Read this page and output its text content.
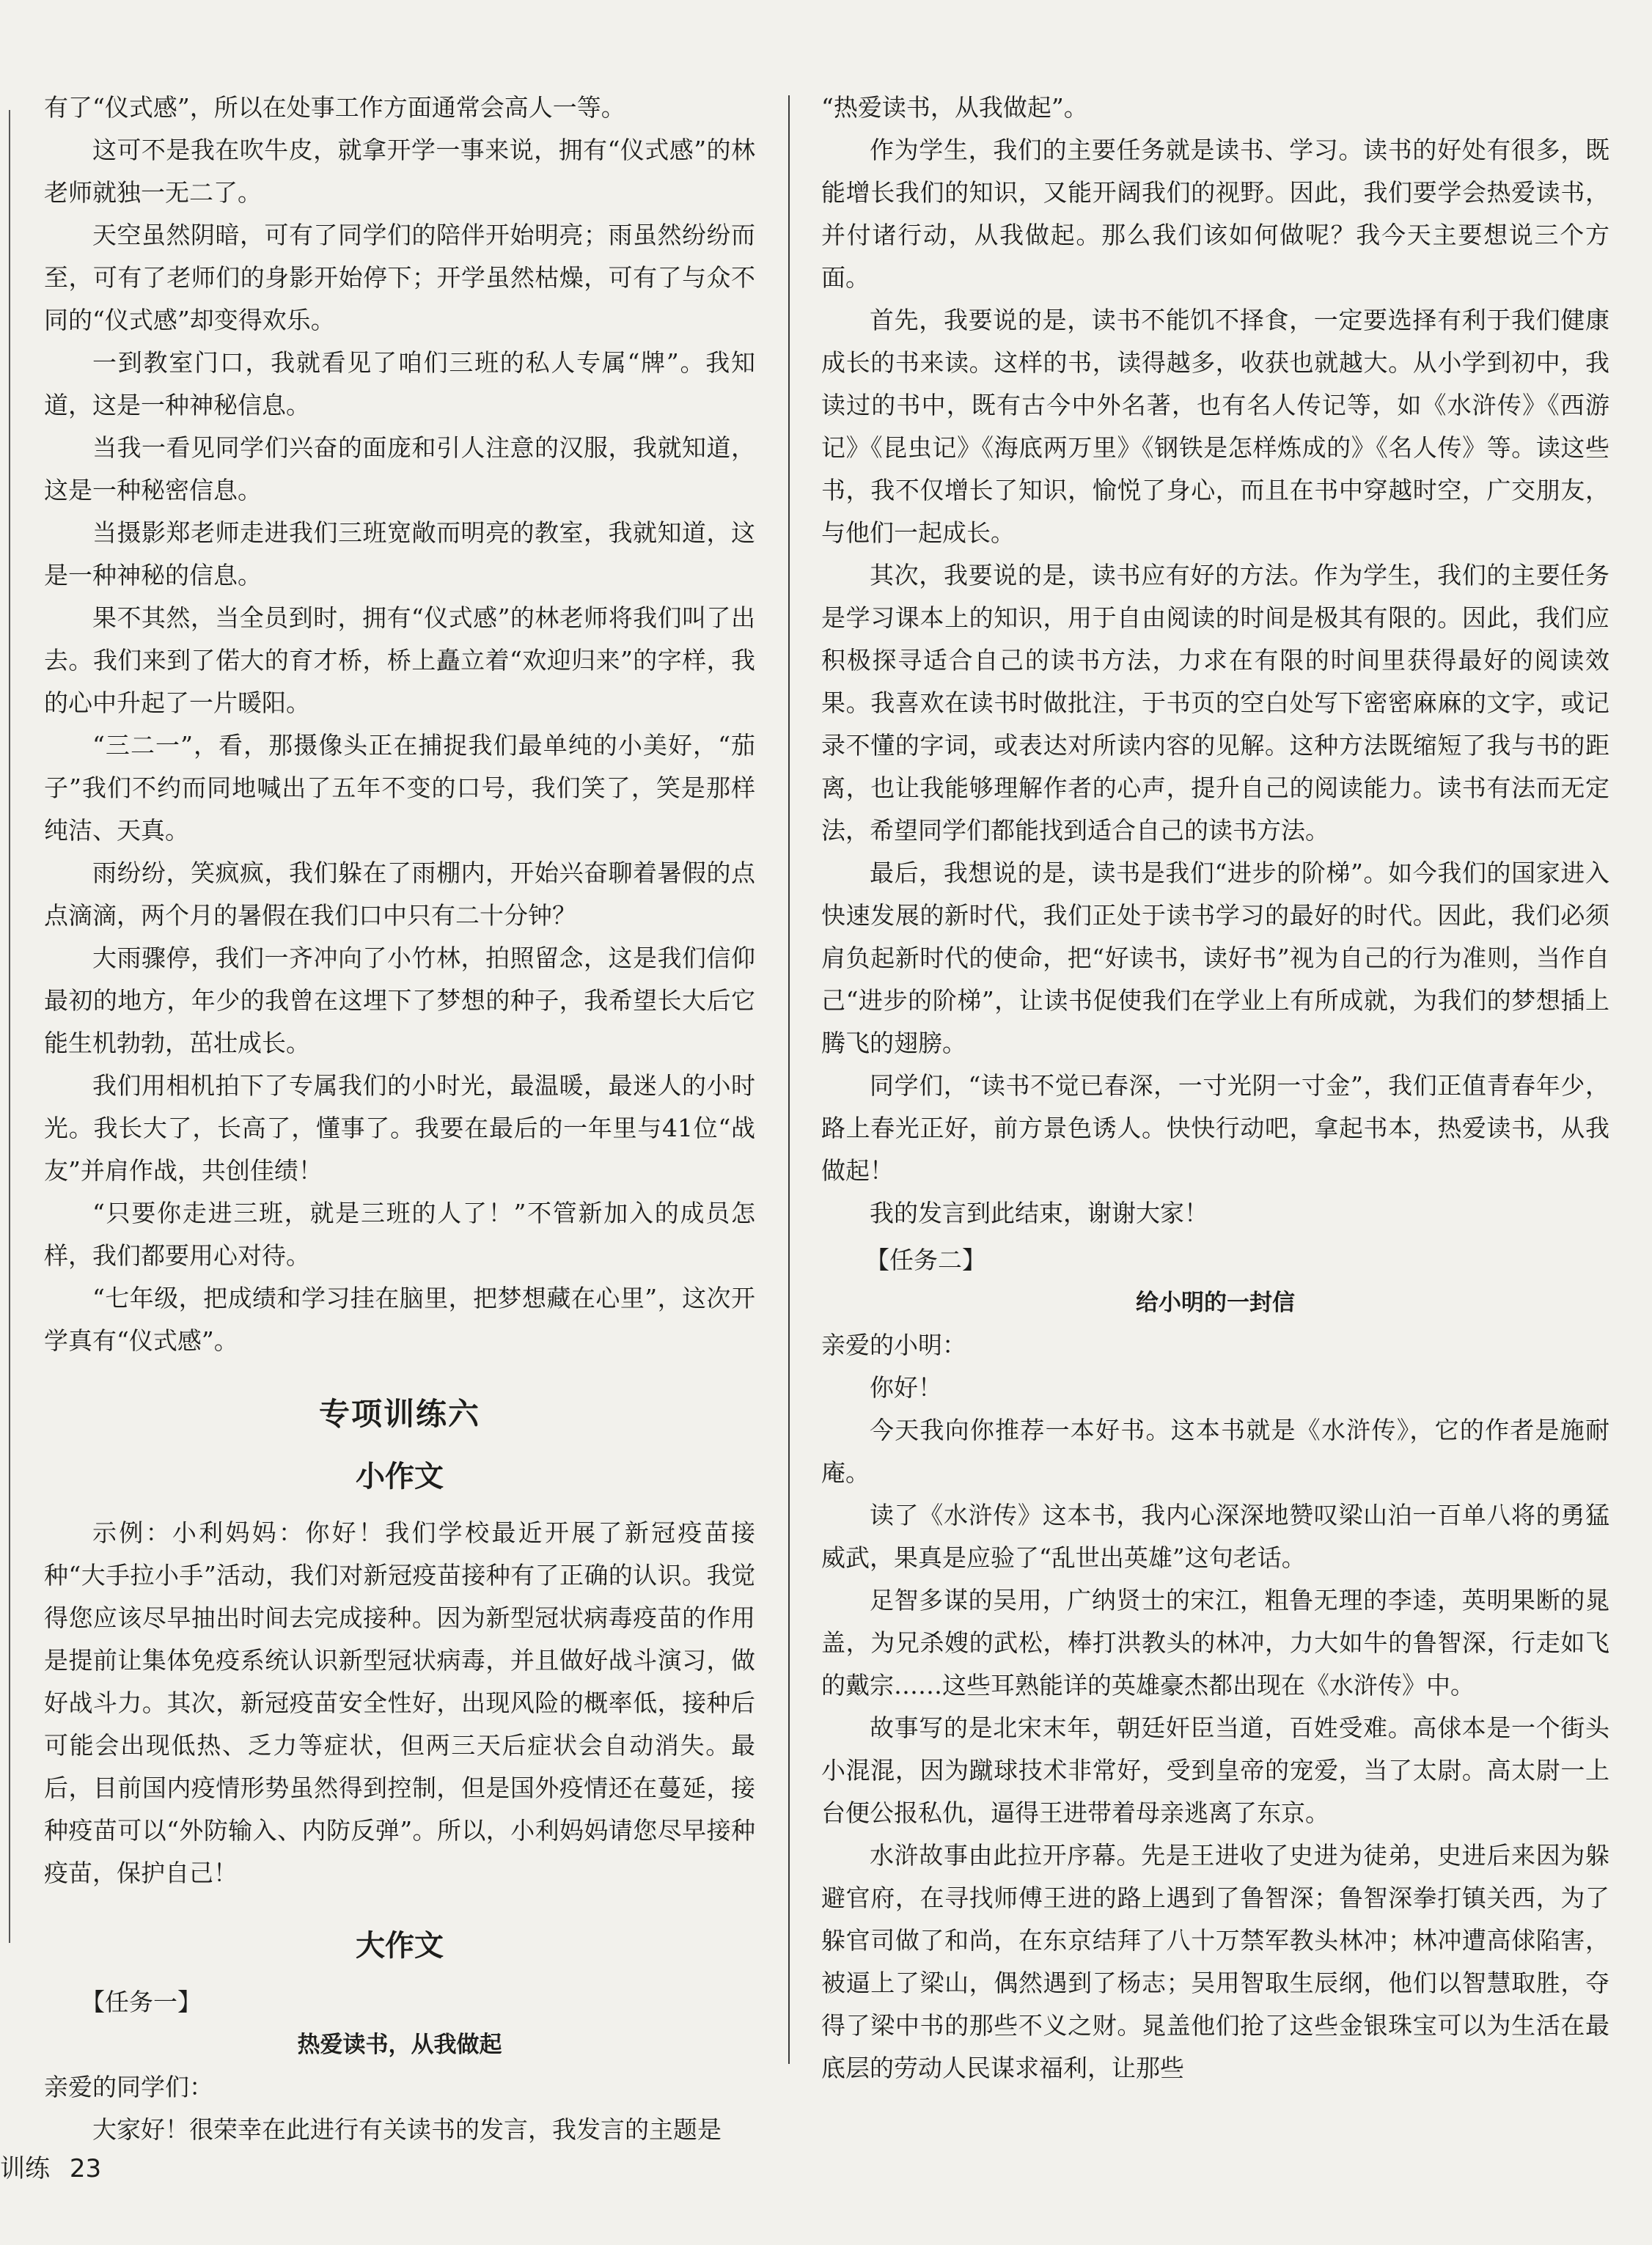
有了“仪式感”，所以在处事工作方面通常会高人一等。

这可不是我在吹牛皮，就拿开学一事来说，拥有“仪式感”的林老师就独一无二了。

天空虽然阴暗，可有了同学们的陪伴开始明亮；雨虽然纷纷而至，可有了老师们的身影开始停下；开学虽然枯燥，可有了与众不同的“仪式感”却变得欢乐。

一到教室门口，我就看见了咱们三班的私人专属“牌”。我知道，这是一种神秘信息。

当我一看见同学们兴奋的面庞和引人注意的汉服，我就知道，这是一种秘密信息。

当摄影郑老师走进我们三班宽敞而明亮的教室，我就知道，这是一种神秘的信息。

果不其然，当全员到时，拥有“仪式感”的林老师将我们叫了出去。我们来到了偌大的育才桥，桥上矗立着“欢迎归来”的字样，我的心中升起了一片暖阳。

“三二一”，看，那摄像头正在捕捉我们最单纯的小美好，“茄子”我们不约而同地喊出了五年不变的口号，我们笑了，笑是那样纯洁、天真。

雨纷纷，笑疯疯，我们躲在了雨棚内，开始兴奋聊着暑假的点点滴滴，两个月的暑假在我们口中只有二十分钟？

大雨骤停，我们一齐冲向了小竹林，拍照留念，这是我们信仰最初的地方，年少的我曾在这埋下了梦想的种子，我希望长大后它能生机勃勃，茁壮成长。

我们用相机拍下了专属我们的小时光，最温暖，最迷人的小时光。我长大了，长高了，懂事了。我要在最后的一年里与41位“战友”并肩作战，共创佳绩！

“只要你走进三班，就是三班的人了！”不管新加入的成员怎样，我们都要用心对待。

“七年级，把成绩和学习挂在脑里，把梦想藏在心里”，这次开学真有“仪式感”。

专项训练六
小作文

示例：小利妈妈：你好！我们学校最近开展了新冠疫苗接种“大手拉小手”活动，我们对新冠疫苗接种有了正确的认识。我觉得您应该尽早抽出时间去完成接种。因为新型冠状病毒疫苗的作用是提前让集体免疫系统认识新型冠状病毒，并且做好战斗演习，做好战斗力。其次，新冠疫苗安全性好，出现风险的概率低，接种后可能会出现低热、乏力等症状，但两三天后症状会自动消失。最后，目前国内疫情形势虽然得到控制，但是国外疫情还在蔓延，接种疫苗可以“外防输入、内防反弹”。所以，小利妈妈请您尽早接种疫苗，保护自己！

大作文
【任务一】
热爱读书，从我做起

亲爱的同学们：

大家好！很荣幸在此进行有关读书的发言，我发言的主题是

“热爱读书，从我做起”。

作为学生，我们的主要任务就是读书、学习。读书的好处有很多，既能增长我们的知识，又能开阔我们的视野。因此，我们要学会热爱读书，并付诸行动，从我做起。那么我们该如何做呢？我今天主要想说三个方面。

首先，我要说的是，读书不能饥不择食，一定要选择有利于我们健康成长的书来读。这样的书，读得越多，收获也就越大。从小学到初中，我读过的书中，既有古今中外名著，也有名人传记等，如《水浒传》《西游记》《昆虫记》《海底两万里》《钢铁是怎样炼成的》《名人传》等。读这些书，我不仅增长了知识，愉悦了身心，而且在书中穿越时空，广交朋友，与他们一起成长。

其次，我要说的是，读书应有好的方法。作为学生，我们的主要任务是学习课本上的知识，用于自由阅读的时间是极其有限的。因此，我们应积极探寻适合自己的读书方法，力求在有限的时间里获得最好的阅读效果。我喜欢在读书时做批注，于书页的空白处写下密密麻麻的文字，或记录不懂的字词，或表达对所读内容的见解。这种方法既缩短了我与书的距离，也让我能够理解作者的心声，提升自己的阅读能力。读书有法而无定法，希望同学们都能找到适合自己的读书方法。

最后，我想说的是，读书是我们“进步的阶梯”。如今我们的国家进入快速发展的新时代，我们正处于读书学习的最好的时代。因此，我们必须肩负起新时代的使命，把“好读书，读好书”视为自己的行为准则，当作自己“进步的阶梯”，让读书促使我们在学业上有所成就，为我们的梦想插上腾飞的翅膀。

同学们，“读书不觉已春深，一寸光阴一寸金”，我们正值青春年少，路上春光正好，前方景色诱人。快快行动吧，拿起书本，热爱读书，从我做起！

我的发言到此结束，谢谢大家！

【任务二】
给小明的一封信

亲爱的小明：

你好！

今天我向你推荐一本好书。这本书就是《水浒传》，它的作者是施耐庵。

读了《水浒传》这本书，我内心深深地赞叹梁山泊一百单八将的勇猛威武，果真是应验了“乱世出英雄”这句老话。

足智多谋的吴用，广纳贤士的宋江，粗鲁无理的李逵，英明果断的晁盖，为兄杀嫂的武松，棒打洪教头的林冲，力大如牛的鲁智深，行走如飞的戴宗……这些耳熟能详的英雄豪杰都出现在《水浒传》中。

故事写的是北宋末年，朝廷奸臣当道，百姓受难。高俅本是一个街头小混混，因为蹴球技术非常好，受到皇帝的宠爱，当了太尉。高太尉一上台便公报私仇，逼得王进带着母亲逃离了东京。

水浒故事由此拉开序幕。先是王进收了史进为徒弟，史进后来因为躲避官府，在寻找师傅王进的路上遇到了鲁智深；鲁智深拳打镇关西，为了躲官司做了和尚，在东京结拜了八十万禁军教头林冲；林冲遭高俅陷害，被逼上了梁山，偶然遇到了杨志；吴用智取生辰纲，他们以智慧取胜，夺得了梁中书的那些不义之财。晁盖他们抢了这些金银珠宝可以为生活在最底层的劳动人民谋求福利，让那些

训练 23
